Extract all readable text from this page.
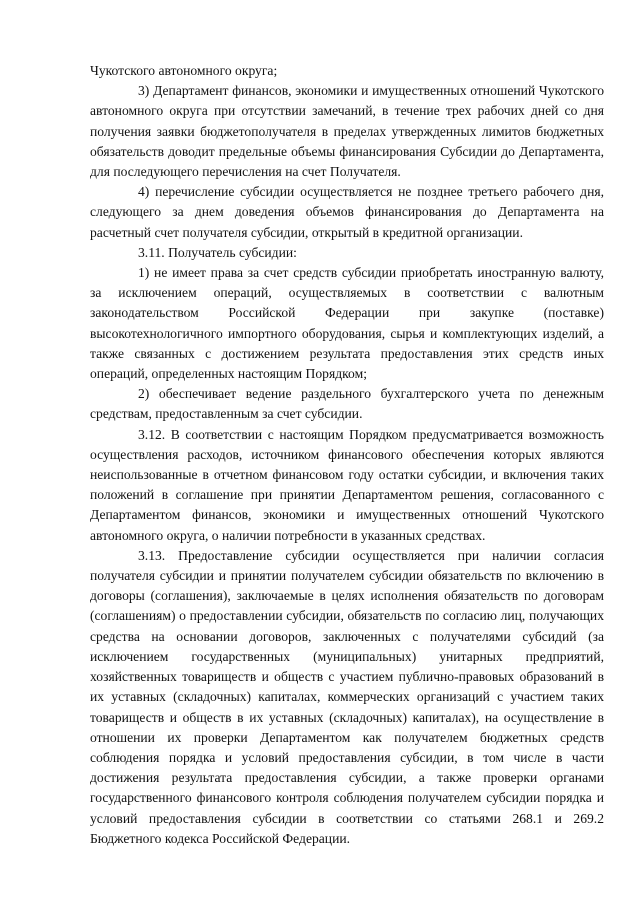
Чукотского автономного округа;

3) Департамент финансов, экономики и имущественных отношений Чукотского автономного округа при отсутствии замечаний, в течение трех рабочих дней со дня получения заявки бюджетополучателя в пределах утвержденных лимитов бюджетных обязательств доводит предельные объемы финансирования Субсидии до Департамента, для последующего перечисления на счет Получателя.

4) перечисление субсидии осуществляется не позднее третьего рабочего дня, следующего за днем доведения объемов финансирования до Департамента на расчетный счет получателя субсидии, открытый в кредитной организации.

3.11. Получатель субсидии:

1) не имеет права за счет средств субсидии приобретать иностранную валюту, за исключением операций, осуществляемых в соответствии с валютным законодательством Российской Федерации при закупке (поставке) высокотехнологичного импортного оборудования, сырья и комплектующих изделий, а также связанных с достижением результата предоставления этих средств иных операций, определенных настоящим Порядком;

2) обеспечивает ведение раздельного бухгалтерского учета по денежным средствам, предоставленным за счет субсидии.

3.12. В соответствии с настоящим Порядком предусматривается возможность осуществления расходов, источником финансового обеспечения которых являются неиспользованные в отчетном финансовом году остатки субсидии, и включения таких положений в соглашение при принятии Департаментом решения, согласованного с Департаментом финансов, экономики и имущественных отношений Чукотского автономного округа, о наличии потребности в указанных средствах.

3.13. Предоставление субсидии осуществляется при наличии согласия получателя субсидии и принятии получателем субсидии обязательств по включению в договоры (соглашения), заключаемые в целях исполнения обязательств по договорам (соглашениям) о предоставлении субсидии, обязательств по согласию лиц, получающих средства на основании договоров, заключенных с получателями субсидий (за исключением государственных (муниципальных) унитарных предприятий, хозяйственных товариществ и обществ с участием публично-правовых образований в их уставных (складочных) капиталах, коммерческих организаций с участием таких товариществ и обществ в их уставных (складочных) капиталах), на осуществление в отношении их проверки Департаментом как получателем бюджетных средств соблюдения порядка и условий предоставления субсидии, в том числе в части достижения результата предоставления субсидии, а также проверки органами государственного финансового контроля соблюдения получателем субсидии порядка и условий предоставления субсидии в соответствии со статьями 268.1 и 269.2 Бюджетного кодекса Российской Федерации.
